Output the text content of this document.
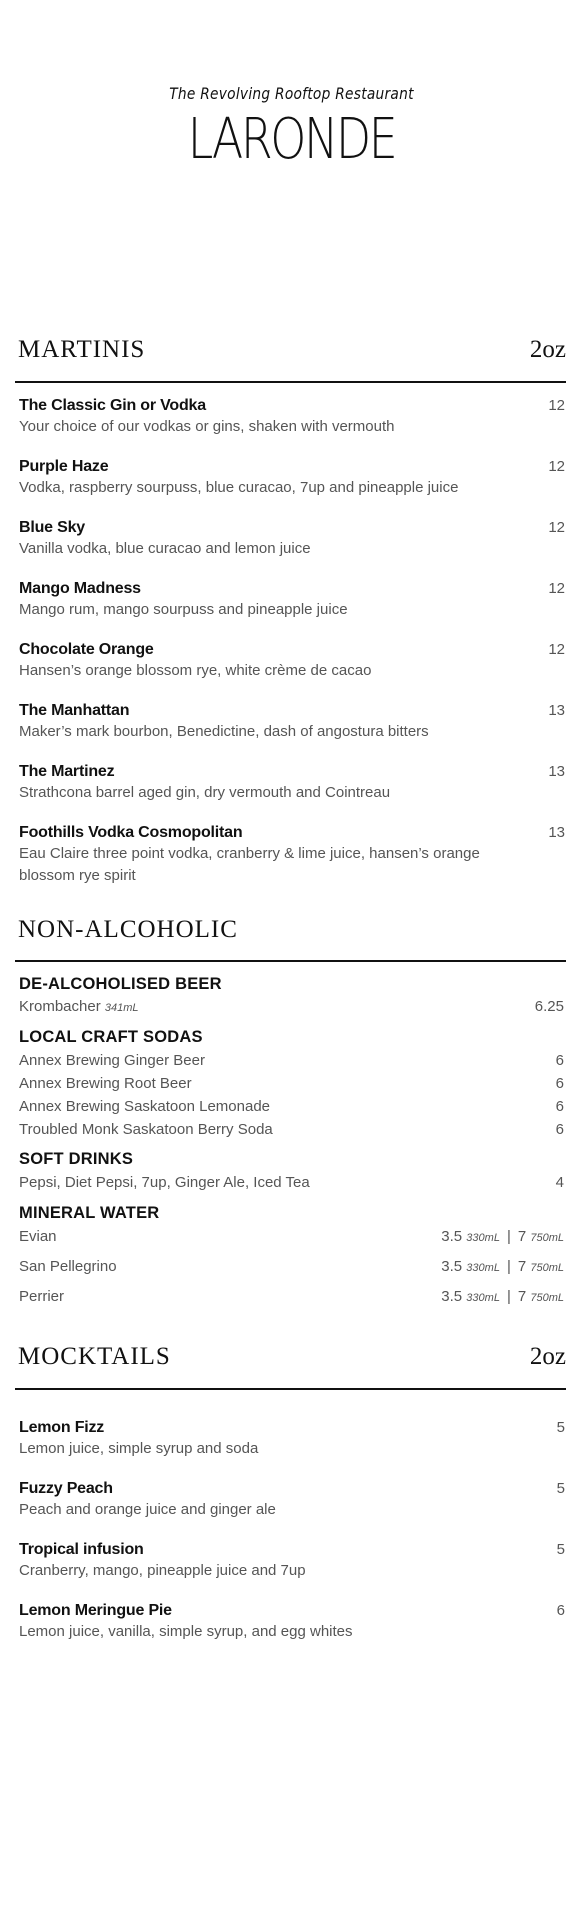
The Revolving Rooftop Restaurant
LARONDE
MARTINIS	2oz
The Classic Gin or Vodka
Your choice of our vodkas or gins, shaken with vermouth
12
Purple Haze
Vodka, raspberry sourpuss, blue curacao, 7up and pineapple juice
12
Blue Sky
Vanilla vodka, blue curacao and lemon juice
12
Mango Madness
Mango rum, mango sourpuss and pineapple juice
12
Chocolate Orange
Hansen’s orange blossom rye, white crème de cacao
12
The Manhattan
Maker’s mark bourbon, Benedictine, dash of angostura bitters
13
The Martinez
Strathcona barrel aged gin, dry vermouth and Cointreau
13
Foothills Vodka Cosmopolitan
Eau Claire three point vodka, cranberry & lime juice, hansen’s orange blossom rye spirit
13
NON-ALCOHOLIC
DE-ALCOHOLISED BEER
Krombacher 341mL	6.25
LOCAL CRAFT SODAS
Annex Brewing Ginger Beer	6
Annex Brewing Root Beer	6
Annex Brewing Saskatoon Lemonade	6
Troubled Monk Saskatoon Berry Soda	6
SOFT DRINKS
Pepsi, Diet Pepsi, 7up, Ginger Ale, Iced Tea	4
MINERAL WATER
Evian	3.5 330mL | 7 750mL
San Pellegrino	3.5 330mL | 7 750mL
Perrier	3.5 330mL | 7 750mL
MOCKTAILS	2oz
Lemon Fizz
Lemon juice, simple syrup and soda
5
Fuzzy Peach
Peach and orange juice and ginger ale
5
Tropical infusion
Cranberry, mango, pineapple juice and 7up
5
Lemon Meringue Pie
Lemon juice, vanilla, simple syrup, and egg whites
6
